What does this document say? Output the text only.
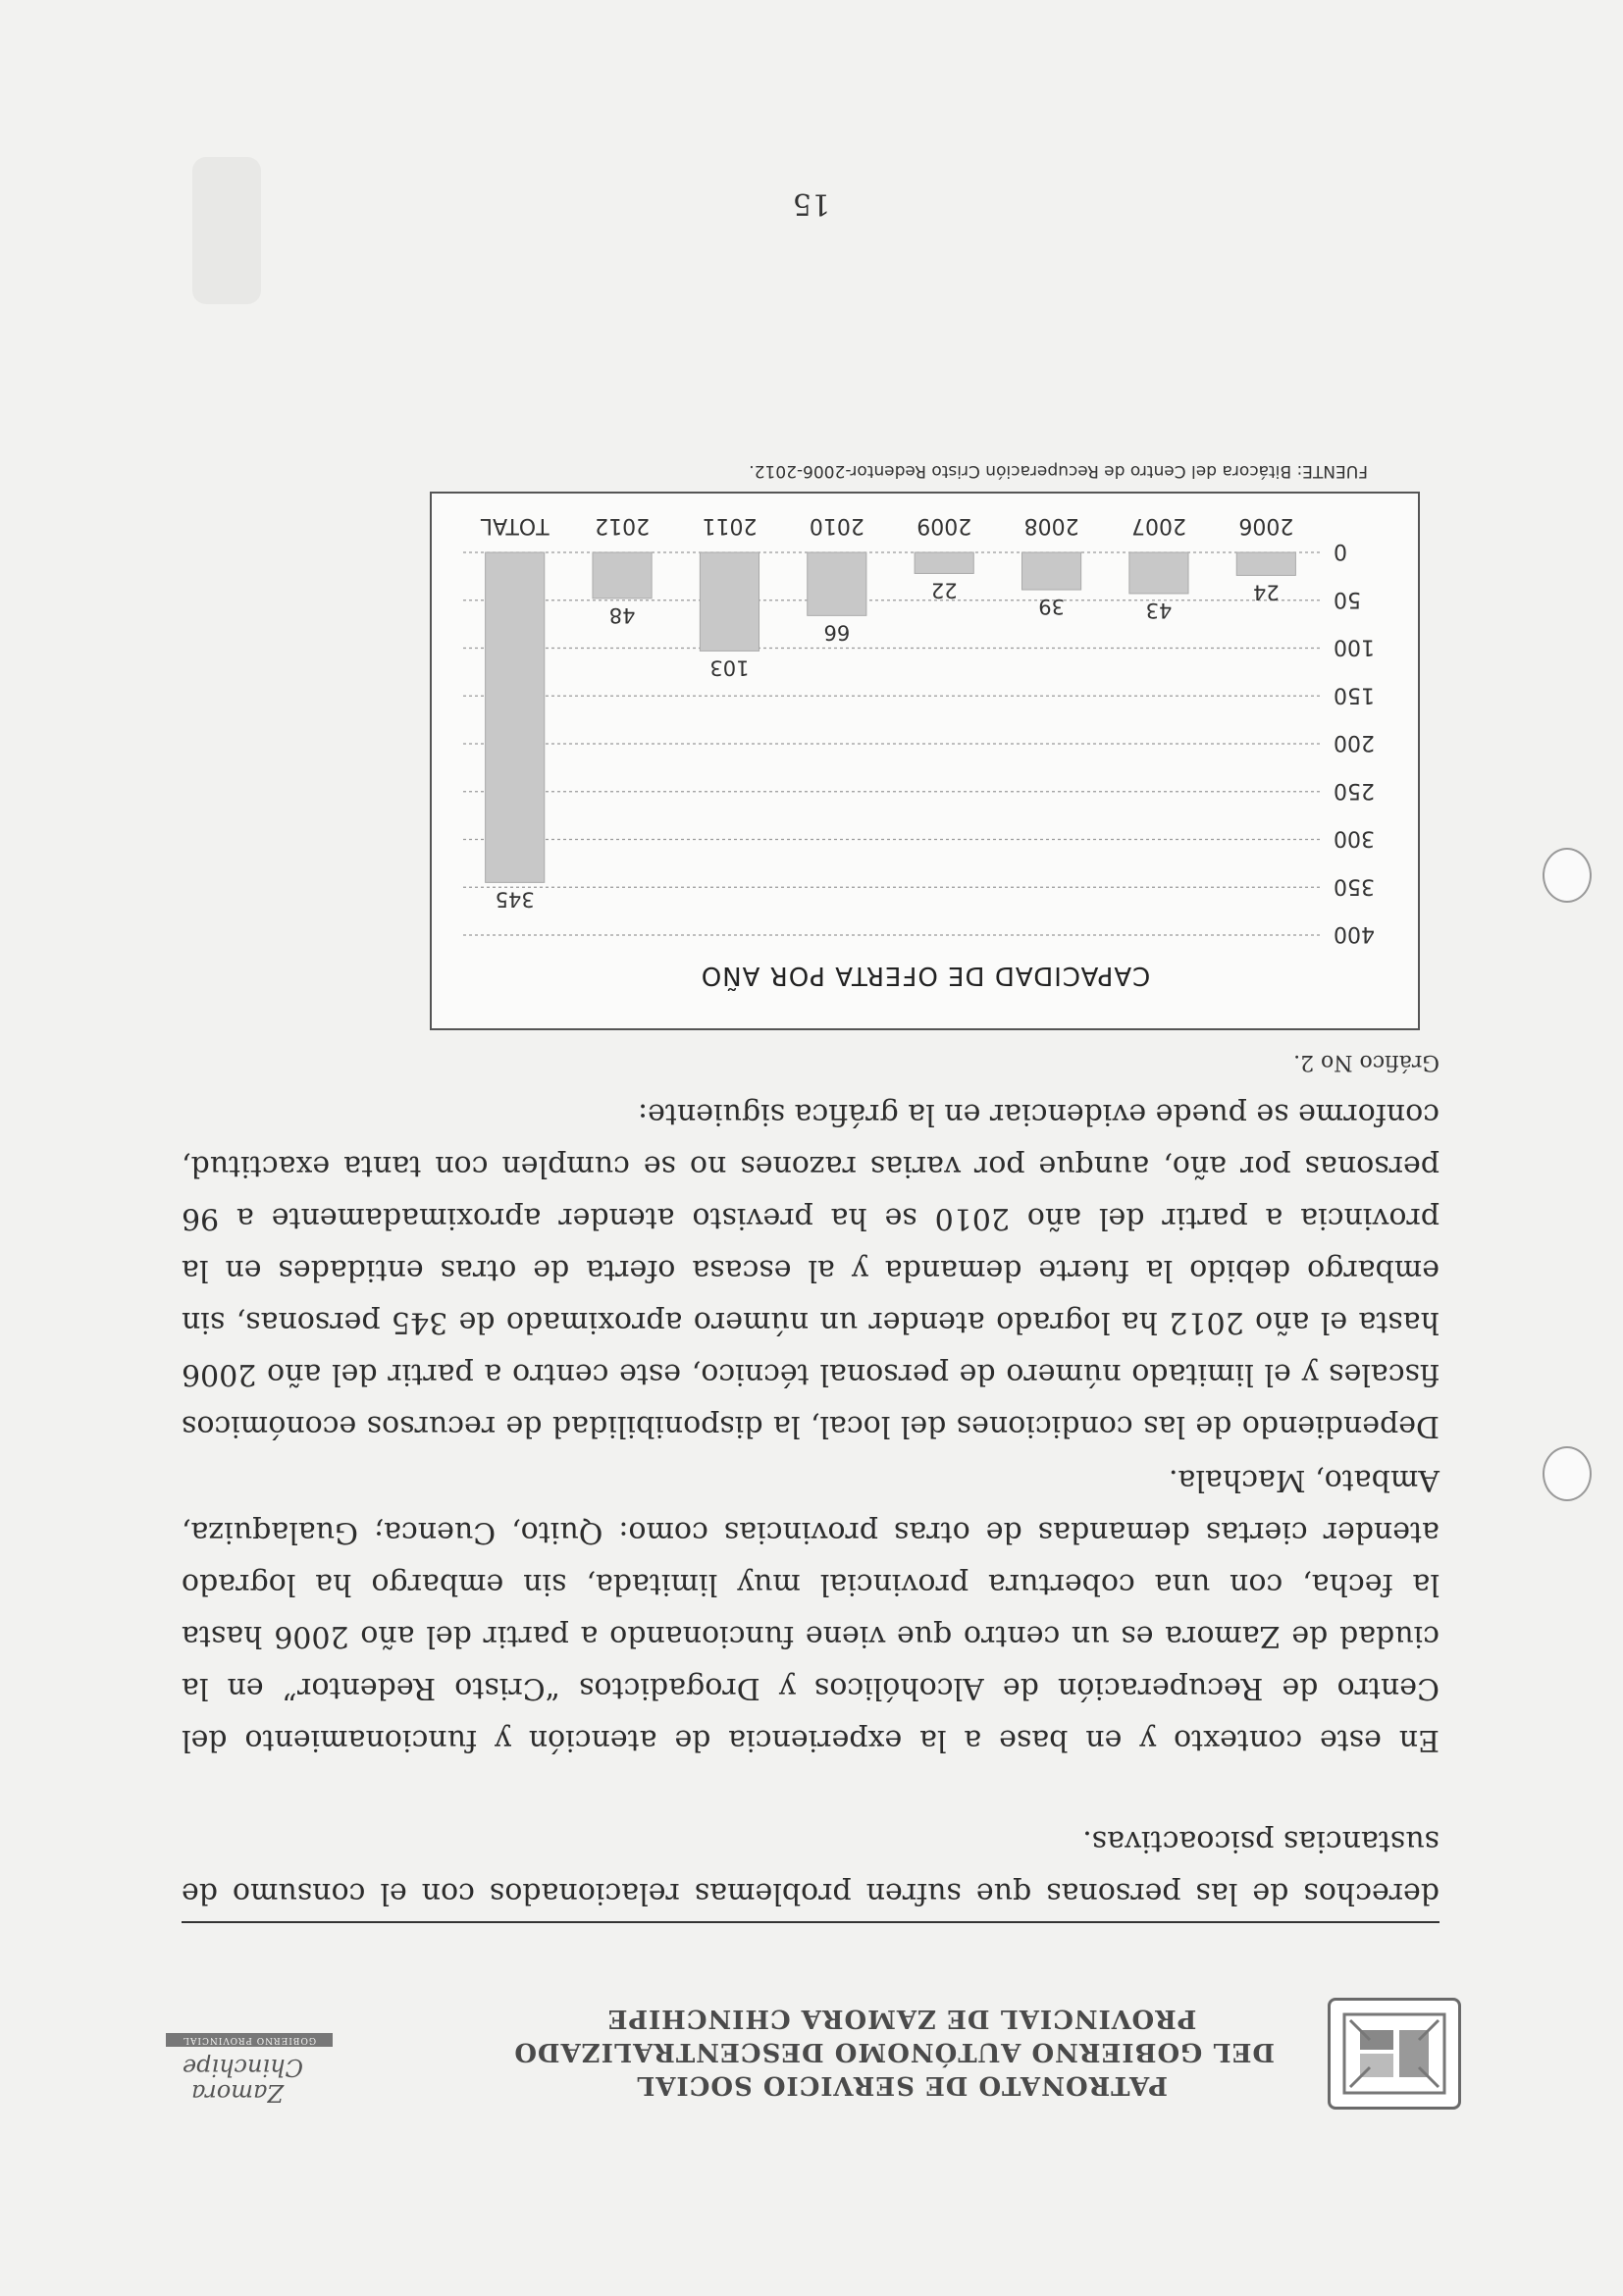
PATRONATO DE SERVICIO SOCIAL
DEL GOBIERNO AUTÓNOMO DESCENTRALIZADO
PROVINCIAL DE ZAMORA CHINCHIPE
Zamora
Chinchipe
GOBIERNO PROVINCIAL
derechos de las personas que sufren problemas relacionados con el consumo de sustancias psicoactivas.
En este contexto y en base a la experiencia de atención y funcionamiento del Centro de Recuperación de Alcohólicos y Drogadictos “Cristo Redentor” en la ciudad de Zamora es un centro que viene funcionando a partir del año 2006 hasta la fecha, con una cobertura provincial muy limitada, sin embargo ha logrado atender ciertas demandas de otras provincias como: Quito, Cuenca; Gualaquiza, Ambato, Machala.
Dependiendo de las condiciones del local, la disponibilidad de recursos económicos fiscales y el limitado número de personal técnico, este centro a partir del año 2006 hasta el año 2012 ha logrado atender un número aproximado de 345 personas, sin embargo debido la fuerte demanda y al escasa oferta de otras entidades en la provincia a partir del año 2010 se ha previsto atender aproximadamente a 96 personas por año, aunque por varias razones no se cumplen con tanta exactitud, conforme se puede evidenciar en la gráfica siguiente:
Gráfico No 2.
CAPACIDAD DE OFERTA POR AÑO
0
50
100
150
200
250
300
350
400
24
2006
43
2007
39
2008
22
2009
66
2010
103
2011
48
2012
345
TOTAL
FUENTE: Bitácora del Centro de Recuperación Cristo Redentor-2006-2012.
15
